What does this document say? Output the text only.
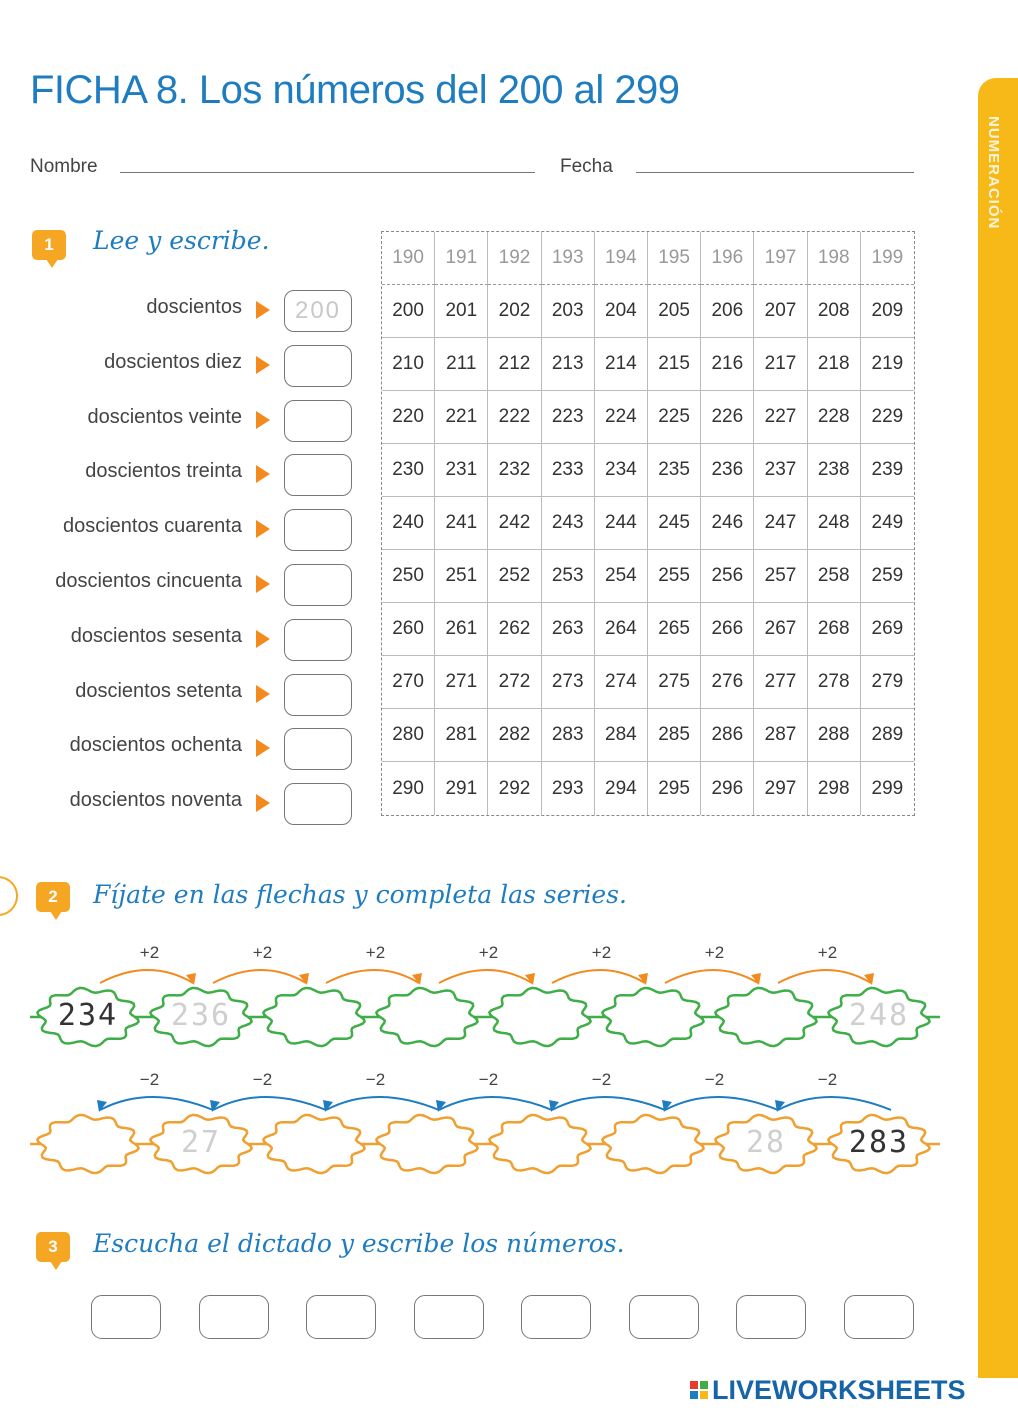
FICHA 8. Los números del 200 al 299
Nombre	Fecha	NUMERACIÓN
1	Lee y escribe.
doscientos	200
doscientos diez
doscientos veinte
doscientos treinta
doscientos cuarenta
doscientos cincuenta
doscientos sesenta
doscientos setenta
doscientos ochenta
doscientos noventa
190	191	192	193	194	195	196	197	198	199
200	201	202	203	204	205	206	207	208	209
210	211	212	213	214	215	216	217	218	219
220	221	222	223	224	225	226	227	228	229
230	231	232	233	234	235	236	237	238	239
240	241	242	243	244	245	246	247	248	249
250	251	252	253	254	255	256	257	258	259
260	261	262	263	264	265	266	267	268	269
270	271	272	273	274	275	276	277	278	279
280	281	282	283	284	285	286	287	288	289
290	291	292	293	294	295	296	297	298	299
2	Fíjate en las flechas y completa las series.
+2	+2	+2	+2	+2	+2	+2
234	236	248
−2	−2	−2	−2	−2	−2	−2
27	28	283
3	Escucha el dictado y escribe los números.
LIVEWORKSHEETS
